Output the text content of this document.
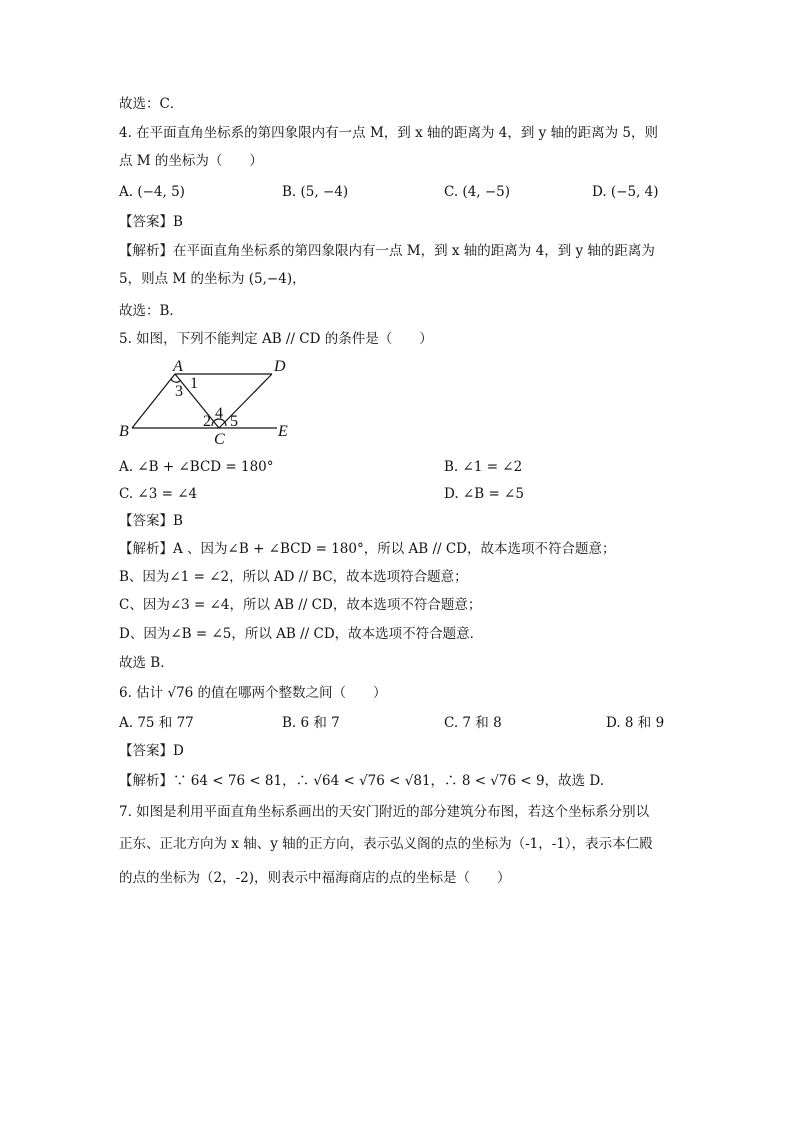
故选：C．
4. 在平面直角坐标系的第四象限内有一点 M，到 x 轴的距离为 4，到 y 轴的距离为 5，则
点 M 的坐标为（　　）
A. (−4, 5)	B. (5, −4)	C. (4, −5)	D. (−5, 4)
【答案】B
【解析】在平面直角坐标系的第四象限内有一点 M，到 x 轴的距离为 4，到 y 轴的距离为
5，则点 M 的坐标为 (5,−4)，
故选：B．
5. 如图，下列不能判定 AB // CD 的条件是（　　）
A	D
B	C	E
1
3
2 4 5
A. ∠B + ∠BCD = 180°	B. ∠1 = ∠2
C. ∠3 = ∠4	D. ∠B = ∠5
【答案】B
【解析】A 、因为∠B + ∠BCD = 180°，所以 AB // CD，故本选项不符合题意；
B、因为∠1 = ∠2，所以 AD // BC，故本选项符合题意；
C、因为∠3 = ∠4，所以 AB // CD，故本选项不符合题意；
D、因为∠B = ∠5，所以 AB // CD，故本选项不符合题意．
故选 B．
6. 估计 √76 的值在哪两个整数之间（　　）
A. 75 和 77	B. 6 和 7	C. 7 和 8	D. 8 和 9
【答案】D
【解析】∵ 64 < 76 < 81，∴ √64 < √76 < √81，∴ 8 < √76 < 9，故选 D.
7. 如图是利用平面直角坐标系画出的天安门附近的部分建筑分布图，若这个坐标系分别以
正东、正北方向为 x 轴、y 轴的正方向，表示弘义阁的点的坐标为（-1，-1），表示本仁殿
的点的坐标为（2，-2)，则表示中福海商店的点的坐标是（　　）
